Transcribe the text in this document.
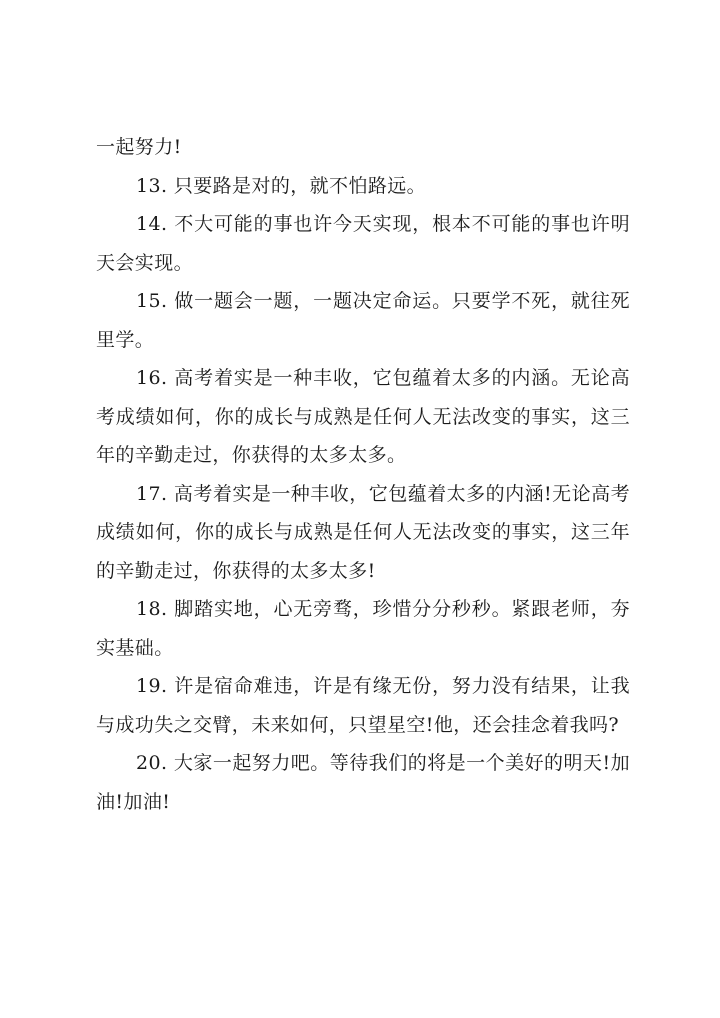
一起努力!

13. 只要路是对的，就不怕路远。

14. 不大可能的事也许今天实现，根本不可能的事也许明天会实现。

15. 做一题会一题，一题决定命运。只要学不死，就往死里学。

16. 高考着实是一种丰收，它包蕴着太多的内涵。无论高考成绩如何，你的成长与成熟是任何人无法改变的事实，这三年的辛勤走过，你获得的太多太多。

17. 高考着实是一种丰收，它包蕴着太多的内涵!无论高考成绩如何，你的成长与成熟是任何人无法改变的事实，这三年的辛勤走过，你获得的太多太多!

18. 脚踏实地，心无旁骛，珍惜分分秒秒。紧跟老师，夯实基础。

19. 许是宿命难违，许是有缘无份，努力没有结果，让我与成功失之交臂，未来如何，只望星空!他，还会挂念着我吗?

20. 大家一起努力吧。等待我们的将是一个美好的明天!加油!加油!
